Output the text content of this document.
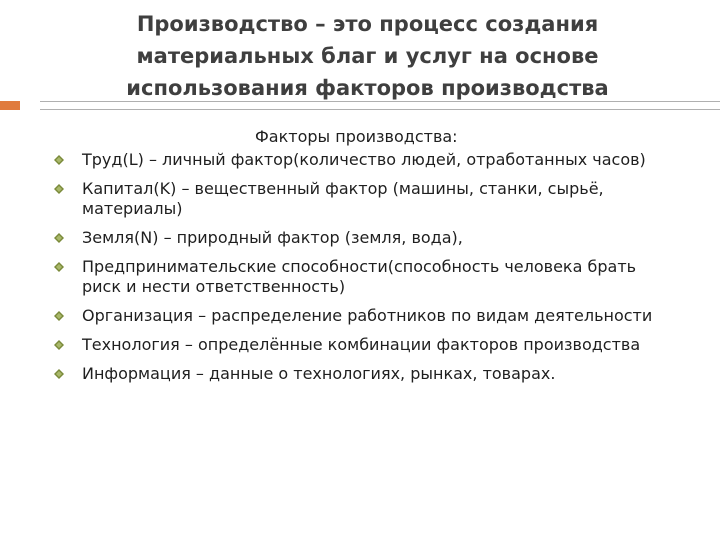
Производство – это процесс создания
материальных благ и услуг на основе
использования факторов производства
Факторы производства:
Труд(L) – личный фактор(количество людей, отработанных часов)
Капитал(K) – вещественный фактор (машины, станки, сырьё, материалы)
Земля(N) – природный фактор (земля, вода),
Предпринимательские способности(способность человека брать риск и нести ответственность)
Организация – распределение работников по видам деятельности
Технология – определённые комбинации факторов производства
Информация – данные о технологиях, рынках, товарах.
